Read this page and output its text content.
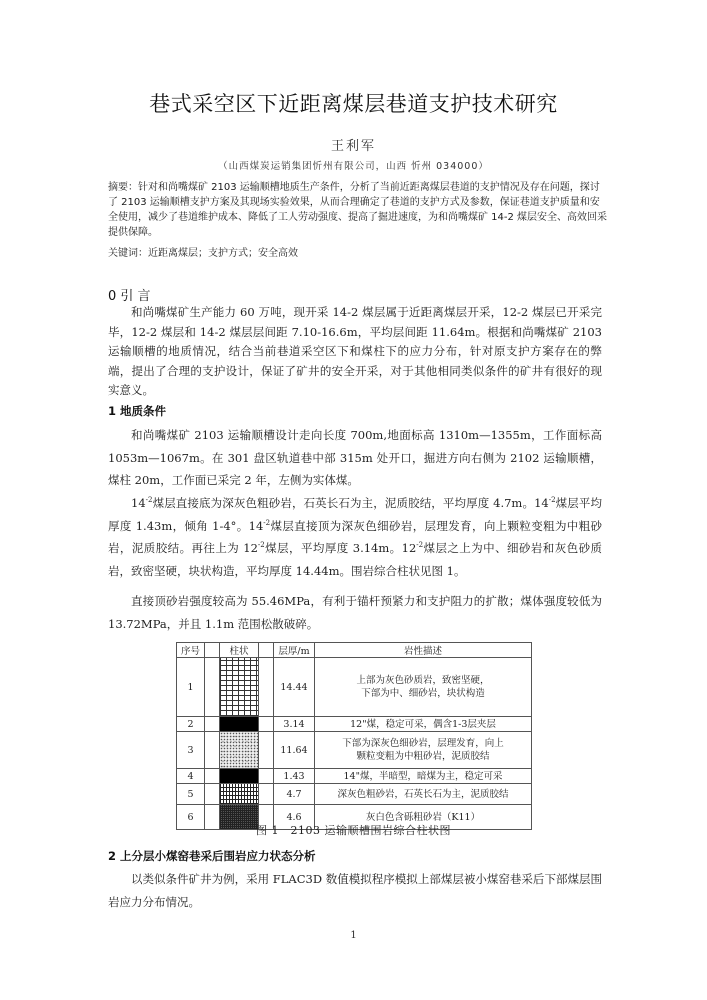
巷式采空区下近距离煤层巷道支护技术研究
王利军
（山西煤炭运销集团忻州有限公司，山西 忻州 034000）
摘要：针对和尚嘴煤矿 2103 运输顺槽地质生产条件，分析了当前近距离煤层巷道的支护情况及存在问题，探讨了 2103 运输顺槽支护方案及其现场实验效果，从而合理确定了巷道的支护方式及参数，保证巷道支护质量和安全使用，减少了巷道维护成本、降低了工人劳动强度、提高了掘进速度，为和尚嘴煤矿 14-2 煤层安全、高效回采提供保障。
关键词：近距离煤层；支护方式；安全高效
0 引 言
和尚嘴煤矿生产能力 60 万吨，现开采 14-2 煤层属于近距离煤层开采，12-2 煤层已开采完毕，12-2 煤层和 14-2 煤层层间距 7.10-16.6m，平均层间距 11.64m。根据和尚嘴煤矿 2103 运输顺槽的地质情况，结合当前巷道采空区下和煤柱下的应力分布，针对原支护方案存在的弊端，提出了合理的支护设计，保证了矿井的安全开采，对于其他相同类似条件的矿井有很好的现实意义。
1 地质条件
和尚嘴煤矿 2103 运输顺槽设计走向长度 700m,地面标高 1310m—1355m，工作面标高 1053m—1067m。在 301 盘区轨道巷中部 315m 处开口，掘进方向右侧为 2102 运输顺槽，煤柱 20m，工作面已采完 2 年，左侧为实体煤。
$14^{-2}$煤层直接底为深灰色粗砂岩，石英长石为主，泥质胶结，平均厚度 4.7m。$14^{-2}$煤层平均厚度 1.43m，倾角 1-4°。$14^{-2}$煤层直接顶为深灰色细砂岩，层理发育，向上颗粒变粗为中粗砂岩，泥质胶结。再往上为 $12^{-2}$煤层，平均厚度 3.14m。$12^{-2}$煤层之上为中、细砂岩和灰色砂质岩，致密坚硬，块状构造，平均厚度 14.44m。围岩综合柱状见图 1。
直接顶砂岩强度较高为 55.46MPa，有利于锚杆预紧力和支护阻力的扩散；煤体强度较低为 13.72MPa，并且 1.1m 范围松散破碎。
序号		柱状		层厚/m	岩性描述
1				14.44	上部为灰色砂质岩，致密坚硬，
下部为中、细砂岩，块状构造

2				3.14	12"煤，稳定可采，偶含1-3层夹层
3				11.64	下部为深灰色细砂岩，层理发育，向上
颗粒变粗为中粗砂岩，泥质胶结

4				1.43	14"煤，半暗型，暗煤为主，稳定可采
5				4.7	深灰色粗砂岩，石英长石为主，泥质胶结
6				4.6	灰白色含砾粗砂岩（K11）
图 1　2103 运输顺槽围岩综合柱状图
2 上分层小煤窑巷采后围岩应力状态分析
以类似条件矿井为例，采用 FLAC3D 数值模拟程序模拟上部煤层被小煤窑巷采后下部煤层围岩应力分布情况。
1
